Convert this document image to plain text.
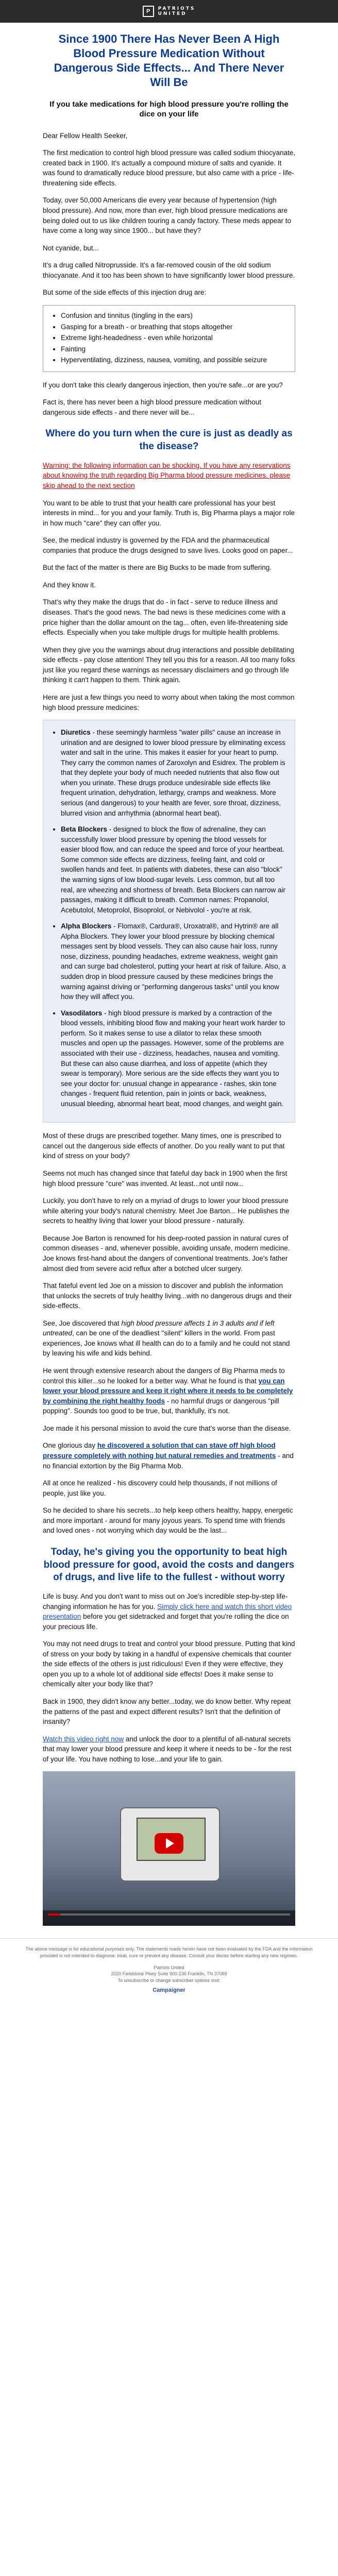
P	PATRIOTS
UNITED
Since 1900 There Has Never Been A High Blood Pressure Medication Without Dangerous Side Effects... And There Never Will Be
If you take medications for high blood pressure you're rolling the dice on your life

Dear Fellow Health Seeker,

The first medication to control high blood pressure was called sodium thiocyanate, created back in 1900. It's actually a compound mixture of salts and cyanide. It was found to dramatically reduce blood pressure, but also came with a price - life-threatening side effects.

Today, over 50,000 Americans die every year because of hypertension (high blood pressure). And now, more than ever, high blood pressure medications are being doled out to us like children touring a candy factory. These meds appear to have come a long way since 1900... but have they?

Not cyanide, but...

It's a drug called Nitroprusside. It's a far-removed cousin of the old sodium thiocyanate. And it too has been shown to have significantly lower blood pressure.

But some of the side effects of this injection drug are:

• Confusion and tinnitus (tingling in the ears)
• Gasping for a breath - or breathing that stops altogether
• Extreme light-headedness - even while horizontal
• Fainting
• Hyperventilating, dizziness, nausea, vomiting, and possible seizure

If you don't take this clearly dangerous injection, then you're safe...or are you?

Fact is, there has never been a high blood pressure medication without dangerous side effects - and there never will be...

Where do you turn when the cure is just as deadly as the disease?

Warning: the following information can be shocking. If you have any reservations about knowing the truth regarding Big Pharma blood pressure medicines, please skip ahead to the next section

You want to be able to trust that your health care professional has your best interests in mind... for you and your family. Truth is, Big Pharma plays a major role in how much "care" they can offer you.

See, the medical industry is governed by the FDA and the pharmaceutical companies that produce the drugs designed to save lives. Looks good on paper...

But the fact of the matter is there are Big Bucks to be made from suffering.

And they know it.

That's why they make the drugs that do - in fact - serve to reduce illness and diseases. That's the good news. The bad news is these medicines come with a price higher than the dollar amount on the tag... often, even life-threatening side effects. Especially when you take multiple drugs for multiple health problems.

When they give you the warnings about drug interactions and possible debilitating side effects - pay close attention! They tell you this for a reason. All too many folks just like you regard these warnings as necessary disclaimers and go through life thinking it can't happen to them. Think again.

Here are just a few things you need to worry about when taking the most common high blood pressure medicines:

• Diuretics - these seemingly harmless "water pills" cause an increase in urination and are designed to lower blood pressure by eliminating excess water and salt in the urine. This makes it easier for your heart to pump. They carry the common names of Zaroxolyn and Esidrex. The problem is that they deplete your body of much needed nutrients that also flow out when you urinate. These drugs produce undesirable side effects like frequent urination, dehydration, lethargy, cramps and weakness. More serious (and dangerous) to your health are fever, sore throat, dizziness, blurred vision and arrhythmia (abnormal heart beat).
• Beta Blockers - designed to block the flow of adrenaline, they can successfully lower blood pressure by opening the blood vessels for easier blood flow, and can reduce the speed and force of your heartbeat. Some common side effects are dizziness, feeling faint, and cold or swollen hands and feet. In patients with diabetes, these can also "block" the warning signs of low blood-sugar levels. Less common, but all too real, are wheezing and shortness of breath. Beta Blockers can narrow air passages, making it difficult to breath. Common names: Propanolol, Acebutolol, Metoprolol, Bisoprolol, or Nebivolol - you're at risk.
• Alpha Blockers - Flomax®, Cardura®, Uroxatral®, and Hytrin® are all Alpha Blockers. They lower your blood pressure by blocking chemical messages sent by blood vessels. They can also cause hair loss, runny nose, dizziness, pounding headaches, extreme weakness, weight gain and can surge bad cholesterol, putting your heart at risk of failure. Also, a sudden drop in blood pressure caused by these medicines brings the warning against driving or "performing dangerous tasks" until you know how they will affect you.
• Vasodilators - high blood pressure is marked by a contraction of the blood vessels, inhibiting blood flow and making your heart work harder to perform. So it makes sense to use a dilator to relax these smooth muscles and open up the passages. However, some of the problems are associated with their use - dizziness, headaches, nausea and vomiting. But these can also cause diarrhea, and loss of appetite (which they swear is temporary). More serious are the side effects they want you to see your doctor for: unusual change in appearance - rashes, skin tone changes - frequent fluid retention, pain in joints or back, weakness, unusual bleeding, abnormal heart beat, mood changes, and weight gain.

Most of these drugs are prescribed together. Many times, one is prescribed to cancel out the dangerous side effects of another. Do you really want to put that kind of stress on your body?

Seems not much has changed since that fateful day back in 1900 when the first high blood pressure "cure" was invented. At least...not until now...

Luckily, you don't have to rely on a myriad of drugs to lower your blood pressure while altering your body's natural chemistry. Meet Joe Barton... He publishes the secrets to healthy living that lower your blood pressure - naturally.

Because Joe Barton is renowned for his deep-rooted passion in natural cures of common diseases - and, whenever possible, avoiding unsafe, modern medicine. Joe knows first-hand about the dangers of conventional treatments. Joe's father almost died from severe acid reflux after a botched ulcer surgery.

That fateful event led Joe on a mission to discover and publish the information that unlocks the secrets of truly healthy living...with no dangerous drugs and their side-effects.

See, Joe discovered that high blood pressure affects 1 in 3 adults and if left untreated, can be one of the deadliest "silent" killers in the world. From past experiences, Joe knows what ill health can do to a family and he could not stand by leaving his wife and kids behind.

He went through extensive research about the dangers of Big Pharma meds to control this killer...so he looked for a better way. What he found is that you can lower your blood pressure and keep it right where it needs to be completely by combining the right healthy foods - no harmful drugs or dangerous "pill popping". Sounds too good to be true, but, thankfully, it's not.

Joe made it his personal mission to avoid the cure that's worse than the disease.

One glorious day he discovered a solution that can stave off high blood pressure completely with nothing but natural remedies and treatments - and no financial extortion by the Big Pharma Mob.

All at once he realized - his discovery could help thousands, if not millions of people, just like you.

So he decided to share his secrets...to help keep others healthy, happy, energetic and more important - around for many joyous years. To spend time with friends and loved ones - not worrying which day would be the last...

Today, he's giving you the opportunity to beat high blood pressure for good, avoid the costs and dangers of drugs, and live life to the fullest - without worry

Life is busy. And you don't want to miss out on Joe's incredible step-by-step life-changing information he has for you. Simply click here and watch this short video presentation before you get sidetracked and forget that you're rolling the dice on your precious life.

You may not need drugs to treat and control your blood pressure. Putting that kind of stress on your body by taking in a handful of expensive chemicals that counter the side effects of the others is just ridiculous! Even if they were effective, they open you up to a whole lot of additional side effects! Does it make sense to chemically alter your body like that?

Back in 1900, they didn't know any better...today, we do know better. Why repeat the patterns of the past and expect different results? Isn't that the definition of insanity?

Watch this video right now and unlock the door to a plentiful of all-natural secrets that may lower your blood pressure and keep it where it needs to be - for the rest of your life. You have nothing to lose...and your life to gain.

The above message is for educational purposes only. The statements made herein have not been evaluated by the FDA and the information provided is not intended to diagnose, treat, cure or prevent any disease. Consult your doctor before starting any new regimen.
Patriots United
2020 Fieldstone Pkwy Suite 900-236 Franklin, TN 37069
To unsubscribe or change subscriber options visit:
Campaigner
